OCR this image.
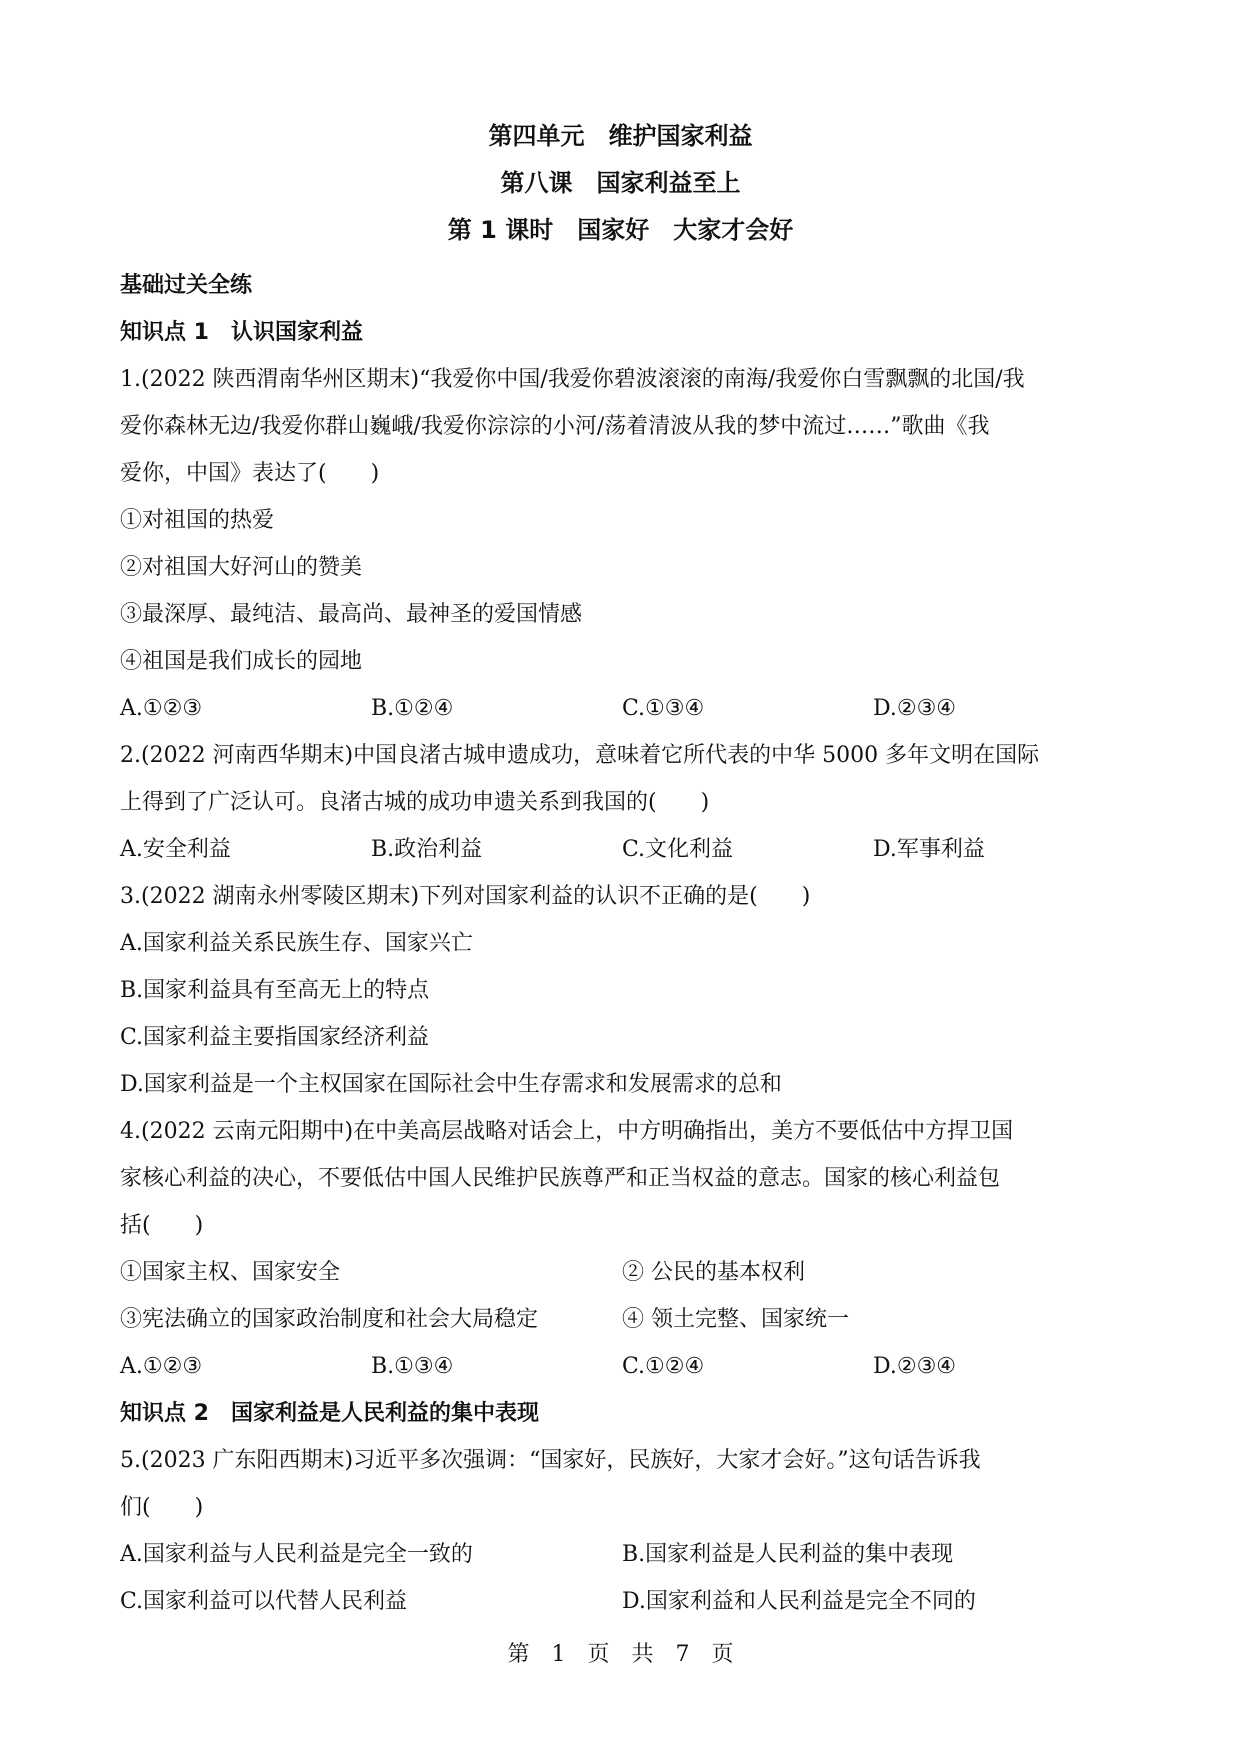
第四单元　维护国家利益
第八课　国家利益至上
第 1 课时　国家好　大家才会好
基础过关全练
知识点 1　认识国家利益
1.(2022 陕西渭南华州区期末)“我爱你中国/我爱你碧波滚滚的南海/我爱你白雪飘飘的北国/我
爱你森林无边/我爱你群山巍峨/我爱你淙淙的小河/荡着清波从我的梦中流过……”歌曲《我
爱你，中国》表达了(　　)
①对祖国的热爱
②对祖国大好河山的赞美
③最深厚、最纯洁、最高尚、最神圣的爱国情感
④祖国是我们成长的园地
A.①②③	B.①②④	C.①③④	D.②③④
2.(2022 河南西华期末)中国良渚古城申遗成功，意味着它所代表的中华 5000 多年文明在国际
上得到了广泛认可。良渚古城的成功申遗关系到我国的(　　)
A.安全利益	B.政治利益	C.文化利益	D.军事利益
3.(2022 湖南永州零陵区期末)下列对国家利益的认识不正确的是(　　)
A.国家利益关系民族生存、国家兴亡
B.国家利益具有至高无上的特点
C.国家利益主要指国家经济利益
D.国家利益是一个主权国家在国际社会中生存需求和发展需求的总和
4.(2022 云南元阳期中)在中美高层战略对话会上，中方明确指出，美方不要低估中方捍卫国
家核心利益的决心，不要低估中国人民维护民族尊严和正当权益的意志。国家的核心利益包
括(　　)
①国家主权、国家安全	② 公民的基本权利
③宪法确立的国家政治制度和社会大局稳定	④ 领土完整、国家统一
A.①②③	B.①③④	C.①②④	D.②③④
知识点 2　国家利益是人民利益的集中表现
5.(2023 广东阳西期末)习近平多次强调：“国家好，民族好，大家才会好。”这句话告诉我
们(　　)
A.国家利益与人民利益是完全一致的	B.国家利益是人民利益的集中表现
C.国家利益可以代替人民利益	D.国家利益和人民利益是完全不同的
第　1　页　共　7　页
